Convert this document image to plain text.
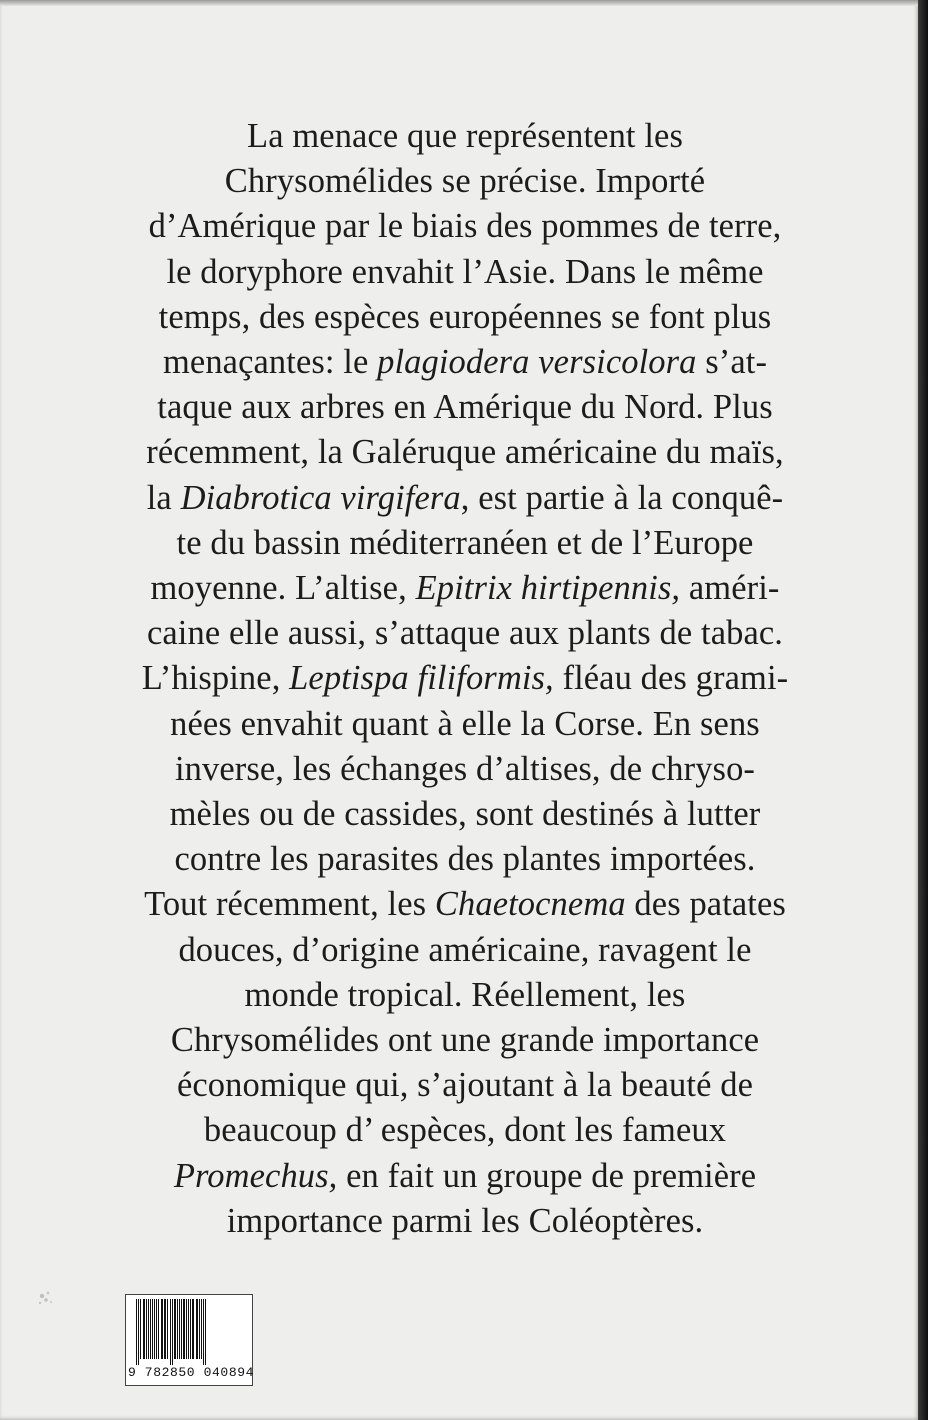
La menace que représentent les
Chrysomélides se précise. Importé
d’Amérique par le biais des pommes de terre,
le doryphore envahit l’Asie. Dans le même
temps, des espèces européennes se font plus
menaçantes: le plagiodera versicolora s’at-
taque aux arbres en Amérique du Nord. Plus
récemment, la Galéruque américaine du maïs,
la Diabrotica virgifera, est partie à la conquê-
te du bassin méditerranéen et de l’Europe
moyenne. L’altise, Epitrix hirtipennis, améri-
caine elle aussi, s’attaque aux plants de tabac.
L’hispine, Leptispa filiformis, fléau des grami-
nées envahit quant à elle la Corse. En sens
inverse, les échanges d’altises, de chryso-
mèles ou de cassides, sont destinés à lutter
contre les parasites des plantes importées.
Tout récemment, les Chaetocnema des patates
douces, d’origine américaine, ravagent le
monde tropical. Réellement, les
Chrysomélides ont une grande importance
économique qui, s’ajoutant à la beauté de
beaucoup d’ espèces, dont les fameux
Promechus, en fait un groupe de première
importance parmi les Coléoptères.

9 782850 040894
